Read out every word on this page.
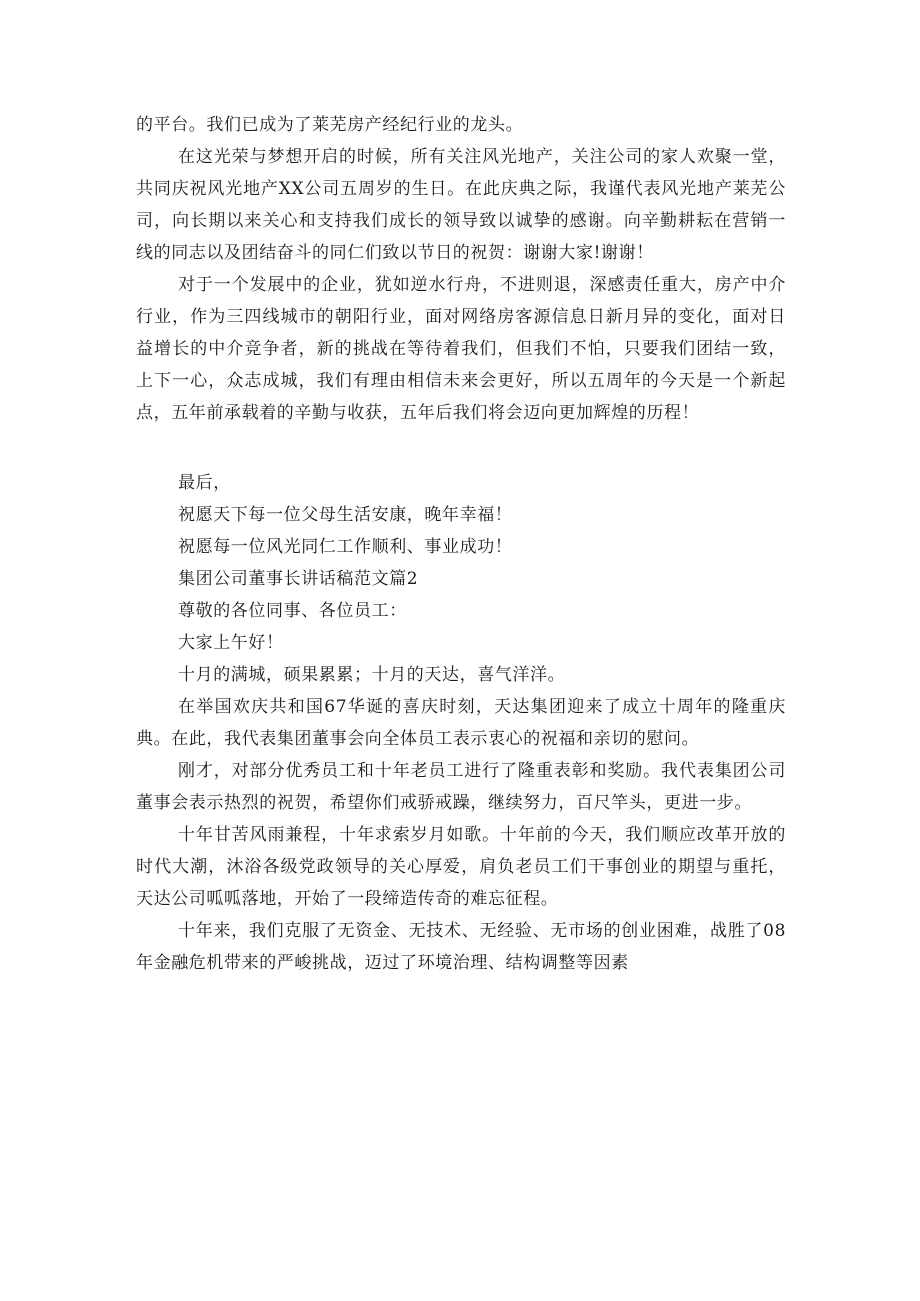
的平台。我们已成为了莱芜房产经纪行业的龙头。

在这光荣与梦想开启的时候，所有关注风光地产，关注公司的家人欢聚一堂，共同庆祝风光地产XX公司五周岁的生日。在此庆典之际，我谨代表风光地产莱芜公司，向长期以来关心和支持我们成长的领导致以诚挚的感谢。向辛勤耕耘在营销一线的同志以及团结奋斗的同仁们致以节日的祝贺：谢谢大家!谢谢！

对于一个发展中的企业，犹如逆水行舟，不进则退，深感责任重大，房产中介行业，作为三四线城市的朝阳行业，面对网络房客源信息日新月异的变化，面对日益增长的中介竞争者，新的挑战在等待着我们，但我们不怕，只要我们团结一致，上下一心，众志成城，我们有理由相信未来会更好，所以五周年的今天是一个新起点，五年前承载着的辛勤与收获，五年后我们将会迈向更加辉煌的历程！

最后，

祝愿天下每一位父母生活安康，晚年幸福！

祝愿每一位风光同仁工作顺利、事业成功！

集团公司董事长讲话稿范文篇2

尊敬的各位同事、各位员工：

大家上午好！

十月的满城，硕果累累；十月的天达，喜气洋洋。

在举国欢庆共和国67华诞的喜庆时刻，天达集团迎来了成立十周年的隆重庆典。在此，我代表集团董事会向全体员工表示衷心的祝福和亲切的慰问。

刚才，对部分优秀员工和十年老员工进行了隆重表彰和奖励。我代表集团公司董事会表示热烈的祝贺，希望你们戒骄戒躁，继续努力，百尺竿头，更进一步。

十年甘苦风雨兼程，十年求索岁月如歌。十年前的今天，我们顺应改革开放的时代大潮，沐浴各级党政领导的关心厚爱，肩负老员工们干事创业的期望与重托，天达公司呱呱落地，开始了一段缔造传奇的难忘征程。

十年来，我们克服了无资金、无技术、无经验、无市场的创业困难，战胜了08年金融危机带来的严峻挑战，迈过了环境治理、结构调整等因素
